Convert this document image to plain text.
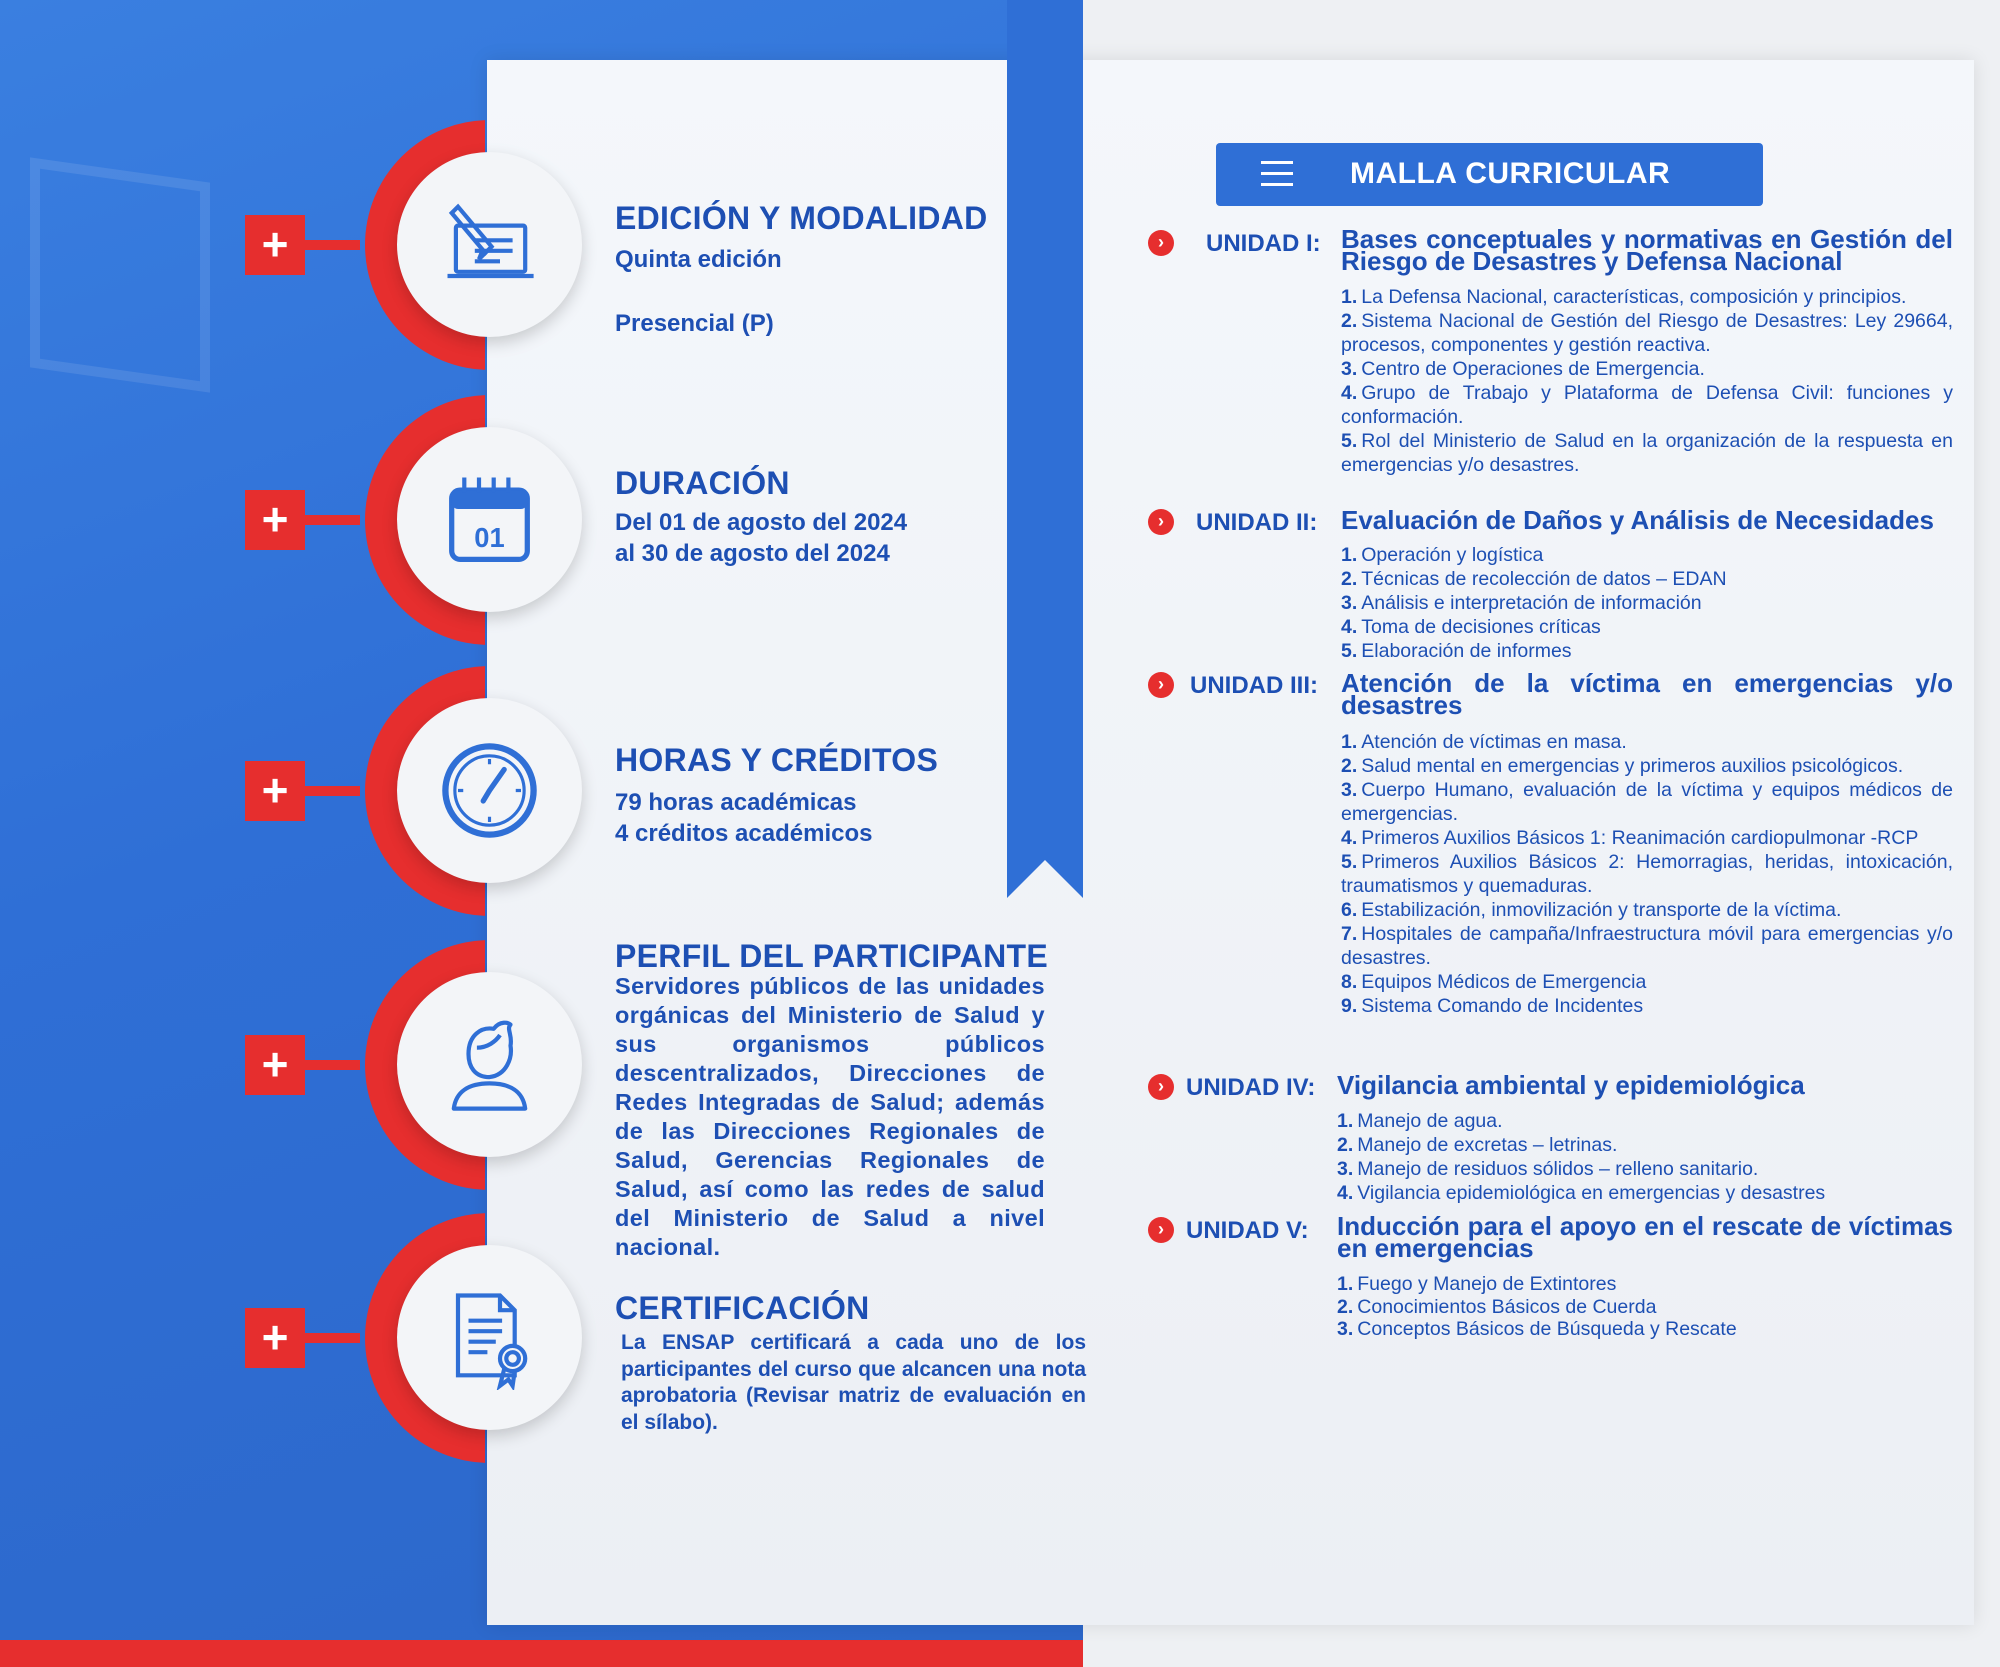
+	EDICIÓN Y MODALIDAD
Quinta edición
Presencial (P)
+	01
DURACIÓN
Del 01 de agosto del 2024
al 30 de agosto del 2024
+
HORAS Y CRÉDITOS
79 horas académicas
4 créditos académicos
+
PERFIL DEL PARTICIPANTE
Servidores públicos de las unidades orgánicas del Ministerio de Salud y sus organismos públicos descentralizados, Direcciones de Redes Integradas de Salud; además de las Direcciones Regionales de Salud, Gerencias Regionales de Salud, así como las redes de salud del Ministerio de Salud a nivel nacional.
+
CERTIFICACIÓN
La ENSAP certificará a cada uno de los participantes del curso que alcancen una nota aprobatoria (Revisar matriz de evaluación en el sílabo).
MALLA CURRICULAR
›	UNIDAD I: Bases conceptuales y normativas en Gestión del Riesgo de Desastres y Defensa Nacional
1. La Defensa Nacional, características, composición y principios.
2. Sistema Nacional de Gestión del Riesgo de Desastres: Ley 29664, procesos, componentes y gestión reactiva.
3. Centro de Operaciones de Emergencia.
4. Grupo de Trabajo y Plataforma de Defensa Civil: funciones y conformación.
5. Rol del Ministerio de Salud en la organización de la respuesta en emergencias y/o desastres.
›	UNIDAD II: Evaluación de Daños y Análisis de Necesidades
1. Operación y logística
2. Técnicas de recolección de datos – EDAN
3. Análisis e interpretación de información
4. Toma de decisiones críticas
5. Elaboración de informes
›	UNIDAD III: Atención de la víctima en emergencias y/o desastres
1. Atención de víctimas en masa.
2. Salud mental en emergencias y primeros auxilios psicológicos.
3. Cuerpo Humano, evaluación de la víctima y equipos médicos de emergencias.
4. Primeros Auxilios Básicos 1: Reanimación cardiopulmonar -RCP
5. Primeros Auxilios Básicos 2: Hemorragias, heridas, intoxicación, traumatismos y quemaduras.
6. Estabilización, inmovilización y transporte de la víctima.
7. Hospitales de campaña/Infraestructura móvil para emergencias y/o desastres.
8. Equipos Médicos de Emergencia
9. Sistema Comando de Incidentes
› UNIDAD IV: Vigilancia ambiental y epidemiológica
1. Manejo de agua.
2. Manejo de excretas – letrinas.
3. Manejo de residuos sólidos – relleno sanitario.
4. Vigilancia epidemiológica en emergencias y desastres
› UNIDAD V: Inducción para el apoyo en el rescate de víctimas en emergencias
1. Fuego y Manejo de Extintores
2. Conocimientos Básicos de Cuerda
3. Conceptos Básicos de Búsqueda y Rescate
